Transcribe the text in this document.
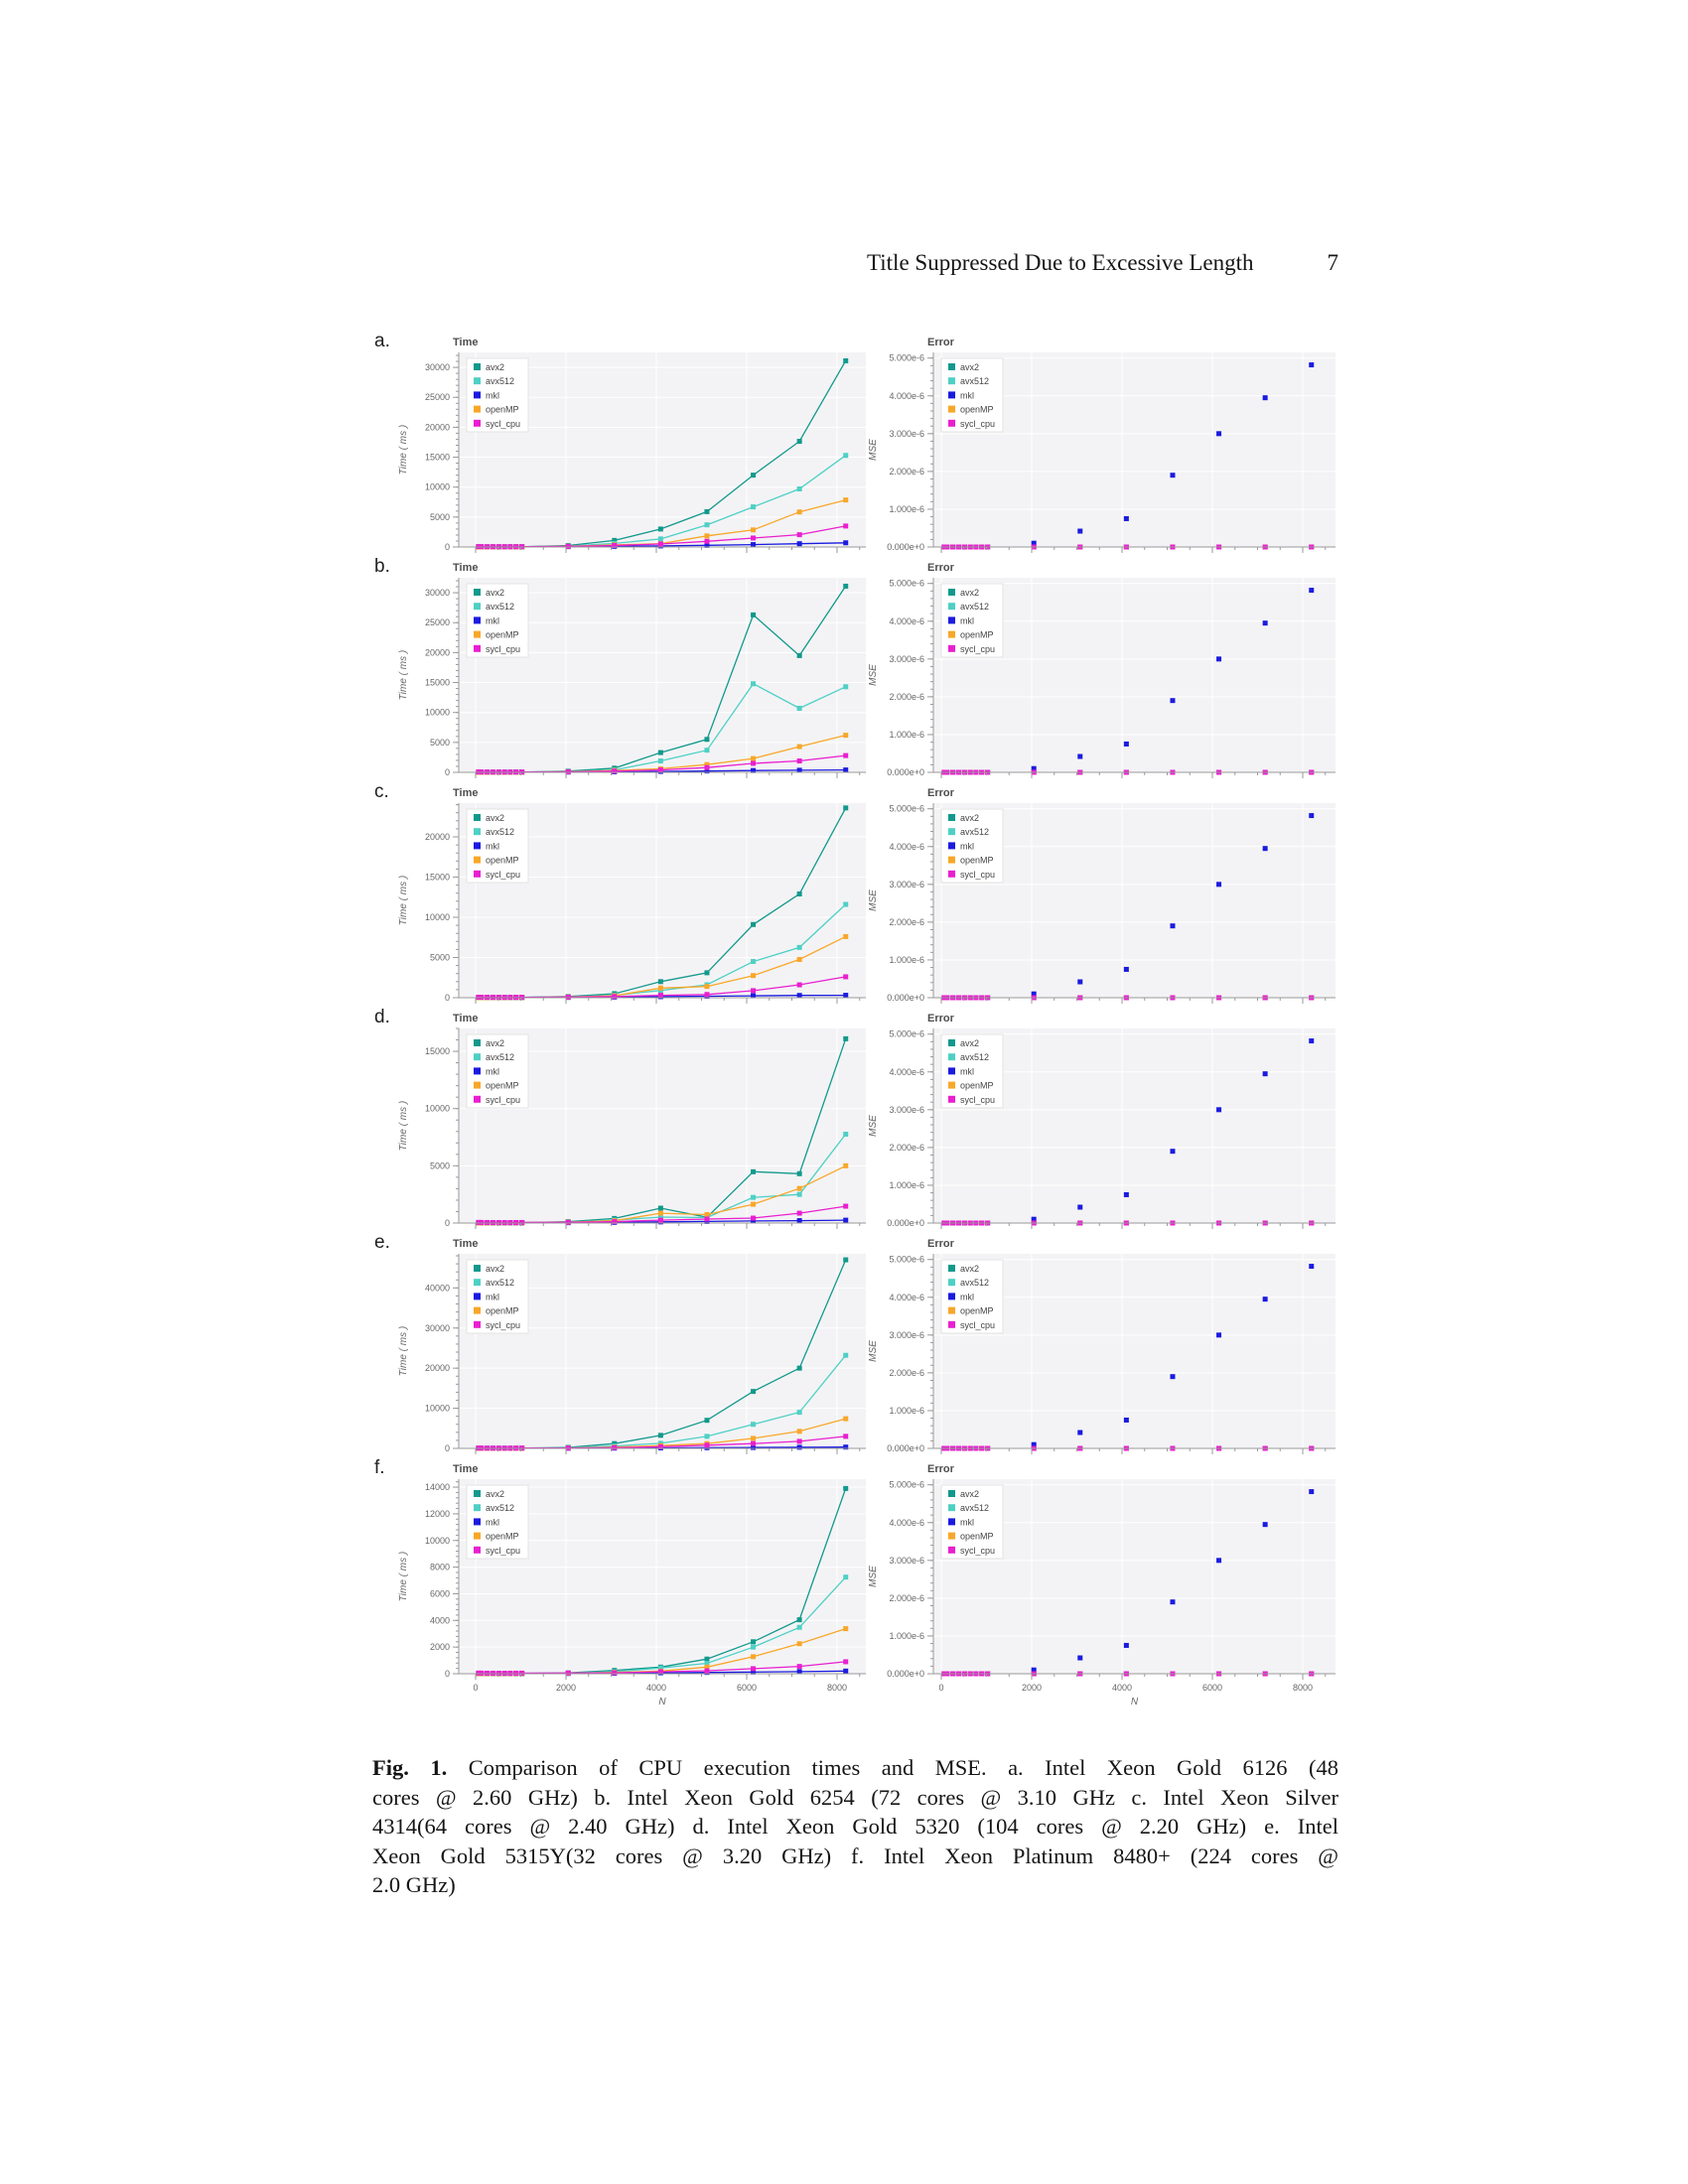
Title Suppressed Due to Excessive Length	7
a.
0
5000
10000
15000
20000
25000
30000
Time
Time ( ms )
avx2
avx512
mkl
openMP
sycl_cpu
0.000e+0
1.000e-6
2.000e-6
3.000e-6
4.000e-6
5.000e-6
Error
MSE
avx2
avx512
mkl
openMP
sycl_cpu
b.
0
5000
10000
15000
20000
25000
30000
Time
Time ( ms )
avx2
avx512
mkl
openMP
sycl_cpu
0.000e+0
1.000e-6
2.000e-6
3.000e-6
4.000e-6
5.000e-6
Error
MSE
avx2
avx512
mkl
openMP
sycl_cpu
c.
0
5000
10000
15000
20000
Time
Time ( ms )
avx2
avx512
mkl
openMP
sycl_cpu
0.000e+0
1.000e-6
2.000e-6
3.000e-6
4.000e-6
5.000e-6
Error
MSE
avx2
avx512
mkl
openMP
sycl_cpu
d.
0
5000
10000
15000
Time
Time ( ms )
avx2
avx512
mkl
openMP
sycl_cpu
0.000e+0
1.000e-6
2.000e-6
3.000e-6
4.000e-6
5.000e-6
Error
MSE
avx2
avx512
mkl
openMP
sycl_cpu
e.
0
10000
20000
30000
40000
Time
Time ( ms )
avx2
avx512
mkl
openMP
sycl_cpu
0.000e+0
1.000e-6
2.000e-6
3.000e-6
4.000e-6
5.000e-6
Error
MSE
avx2
avx512
mkl
openMP
sycl_cpu
f.
0
2000
4000
6000
8000
10000
12000
14000
0	2000	4000	6000	8000
N
Time
Time ( ms )
avx2
avx512
mkl
openMP
sycl_cpu
0.000e+0
1.000e-6
2.000e-6
3.000e-6
4.000e-6
5.000e-6
0	2000	4000	6000	8000
N
Error
MSE
avx2
avx512
mkl
openMP
sycl_cpu
Fig. 1. Comparison of CPU execution times and MSE. a. Intel Xeon Gold 6126 (48
cores @ 2.60 GHz) b. Intel Xeon Gold 6254 (72 cores @ 3.10 GHz c. Intel Xeon Silver
4314(64 cores @ 2.40 GHz) d. Intel Xeon Gold 5320 (104 cores @ 2.20 GHz) e. Intel
Xeon Gold 5315Y(32 cores @ 3.20 GHz) f. Intel Xeon Platinum 8480+ (224 cores @
2.0 GHz)
